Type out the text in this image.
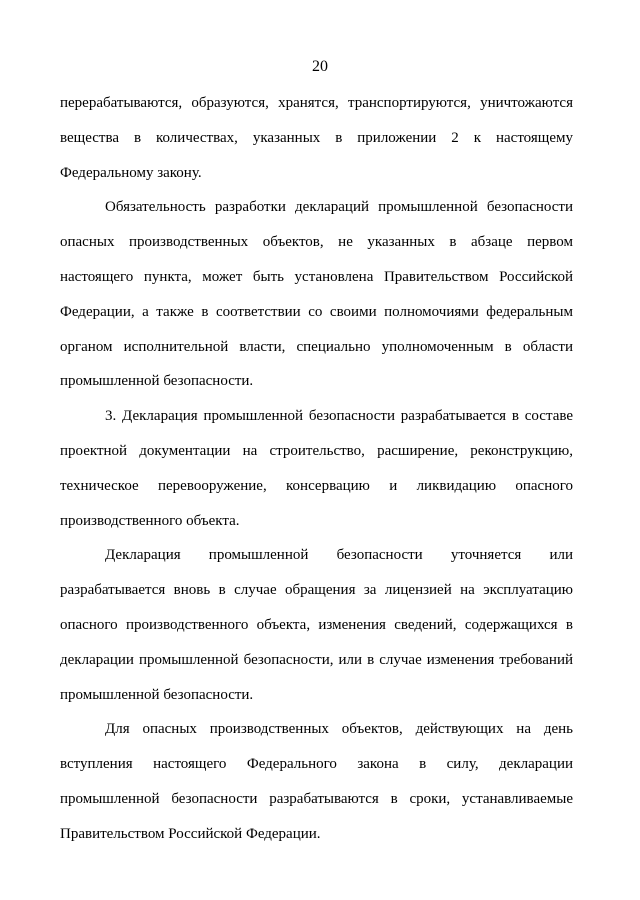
20
перерабатываются, образуются, хранятся, транспортируются, уничтожаются
вещества в количествах, указанных в приложении 2 к настоящему
Федеральному закону.
Обязательность разработки деклараций промышленной безопасности
опасных производственных объектов, не указанных в абзаце первом
настоящего пункта, может быть установлена Правительством Российской
Федерации, а также в соответствии со своими полномочиями федеральным
органом исполнительной власти, специально уполномоченным в области
промышленной безопасности.
3. Декларация промышленной безопасности разрабатывается в составе
проектной документации на строительство, расширение, реконструкцию,
техническое перевооружение, консервацию и ликвидацию опасного
производственного объекта.
Декларация промышленной безопасности уточняется или
разрабатывается вновь в случае обращения за лицензией на эксплуатацию
опасного производственного объекта, изменения сведений, содержащихся в
декларации промышленной безопасности, или в случае изменения требований
промышленной безопасности.
Для опасных производственных объектов, действующих на день
вступления настоящего Федерального закона в силу, декларации
промышленной безопасности разрабатываются в сроки, устанавливаемые
Правительством Российской Федерации.
